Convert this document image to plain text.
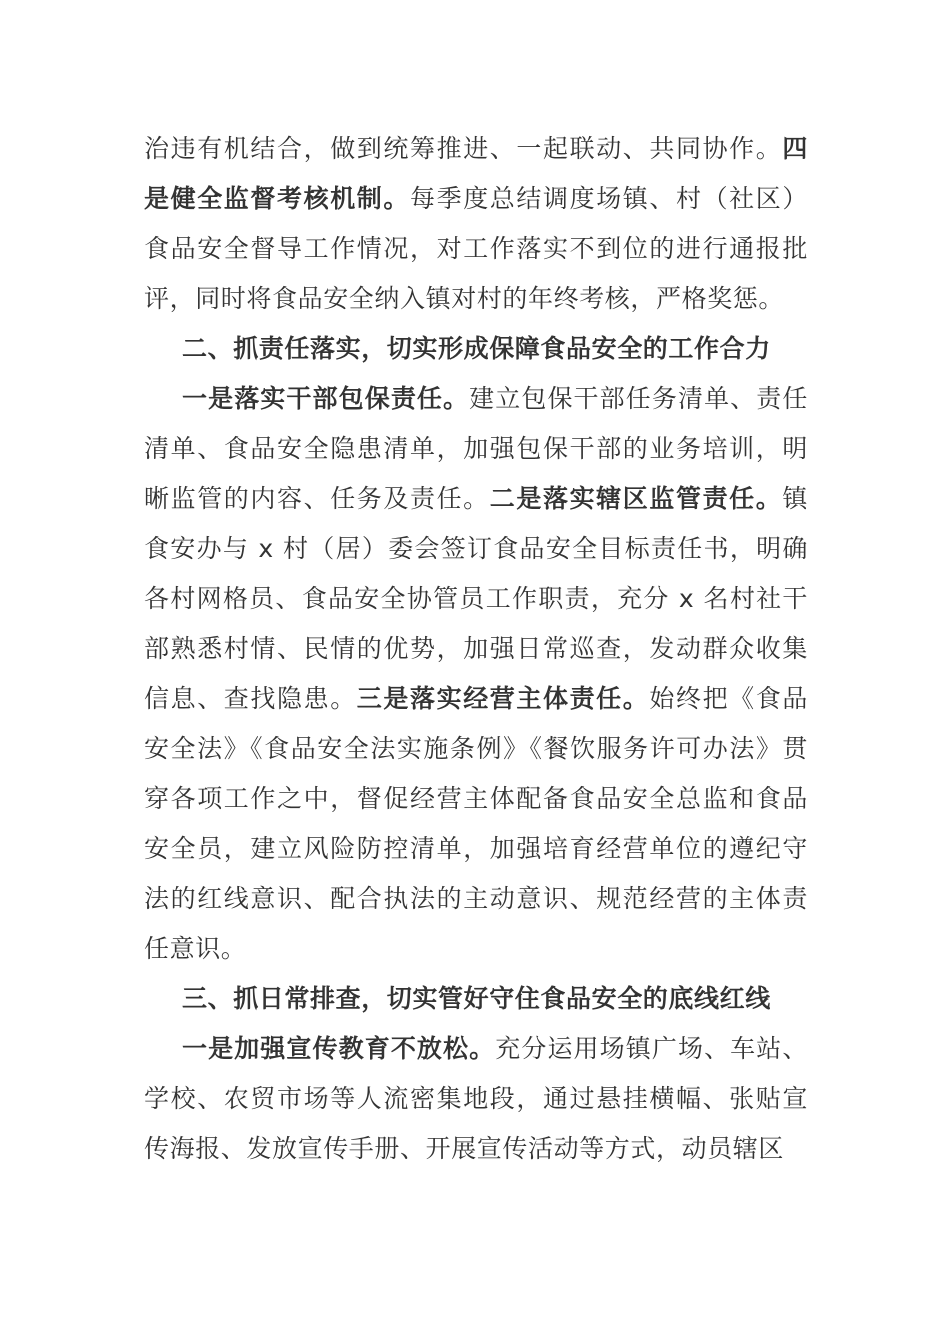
治违有机结合，做到统筹推进、一起联动、共同协作。四是健全监督考核机制。每季度总结调度场镇、村（社区）食品安全督导工作情况，对工作落实不到位的进行通报批评，同时将食品安全纳入镇对村的年终考核，严格奖惩。

二、抓责任落实，切实形成保障食品安全的工作合力

一是落实干部包保责任。建立包保干部任务清单、责任清单、食品安全隐患清单，加强包保干部的业务培训，明晰监管的内容、任务及责任。二是落实辖区监管责任。镇食安办与 x 村（居）委会签订食品安全目标责任书，明确各村网格员、食品安全协管员工作职责，充分 x 名村社干部熟悉村情、民情的优势，加强日常巡查，发动群众收集信息、查找隐患。三是落实经营主体责任。始终把《食品安全法》《食品安全法实施条例》《餐饮服务许可办法》贯穿各项工作之中，督促经营主体配备食品安全总监和食品安全员，建立风险防控清单，加强培育经营单位的遵纪守法的红线意识、配合执法的主动意识、规范经营的主体责任意识。

三、抓日常排查，切实管好守住食品安全的底线红线

一是加强宣传教育不放松。充分运用场镇广场、车站、学校、农贸市场等人流密集地段，通过悬挂横幅、张贴宣传海报、发放宣传手册、开展宣传活动等方式，动员辖区
